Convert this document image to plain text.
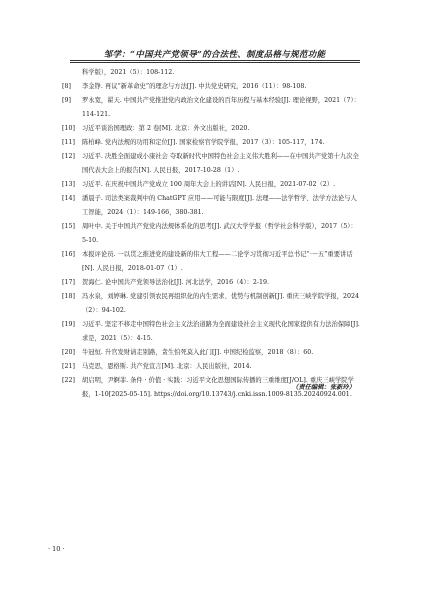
邹学：“中国共产党领导”的合法性、制度品格与规范功能
科学版），2021（5）：108-112.
[8] 李金铮. 再议“新革命史”的理念与方法[J]. 中共党史研究，2016（11）：98-108.
[9] 罗永宽，翟天. 中国共产党推进党内政治文化建设的百年历程与基本经验[J]. 理论视野，2021（7）：114-121.
[10] 习近平谈治国理政：第 2 卷[M]. 北京：外文出版社，2020.
[11] 陈柏峰. 党内法规的功用和定位[J]. 国家检察官学院学报，2017（3）：105-117，174.
[12] 习近平. 决胜全面建成小康社会 夺取新时代中国特色社会主义伟大胜利——在中国共产党第十九次全国代表大会上的报告[N]. 人民日报，2017-10-28（1）.
[13] 习近平. 在庆祝中国共产党成立 100 周年大会上的讲话[N]. 人民日报，2021-07-02（2）.
[14] 潘晨子. 司法类案裁判中的 ChatGPT 应用——可能与限度[J]. 法理——法学哲学、法学方法论与人工智能，2024（1）：149-166，380-381.
[15] 周叶中. 关于中国共产党党内法规体系化的思考[J]. 武汉大学学报（哲学社会科学版），2017（5）：5-10.
[16] 本报评论员. 一以贯之推进党的建设新的伟大工程——二论学习贯彻习近平总书记“一·五”重要讲话[N]. 人民日报，2018-01-07（1）.
[17] 贺海仁. 论中国共产党领导法治化[J]. 河北法学，2016（4）：2-19.
[18] 冯水泉，刘婷琳. 党建引领农民再组织化的内生需求、优势与机制创新[J]. 重庆三峡学院学报，2024（2）：94-102.
[19] 习近平. 坚定不移走中国特色社会主义法治道路为全面建设社会主义现代化国家提供有力法治保障[J]. 求是，2021（5）：4-15.
[20] 牛冠恒. 升官发财请走别路，贪生怕死莫入此门[J]. 中国纪检监察，2018（8）：60.
[21] 马克思，恩格斯. 共产党宣言[M]. 北京：人民出版社，2014.
[22] 胡启明，尹婀菲. 条件 · 价值 · 实践：习近平文化思想国际传播的三重维度[J/OL]. 重庆三峡学院学报，1-10[2025-05-15]. https://doi.org/10.13743/j.cnki.issn.1009-8135.20240924.001.
（责任编辑：张新玲）
· 10 ·
